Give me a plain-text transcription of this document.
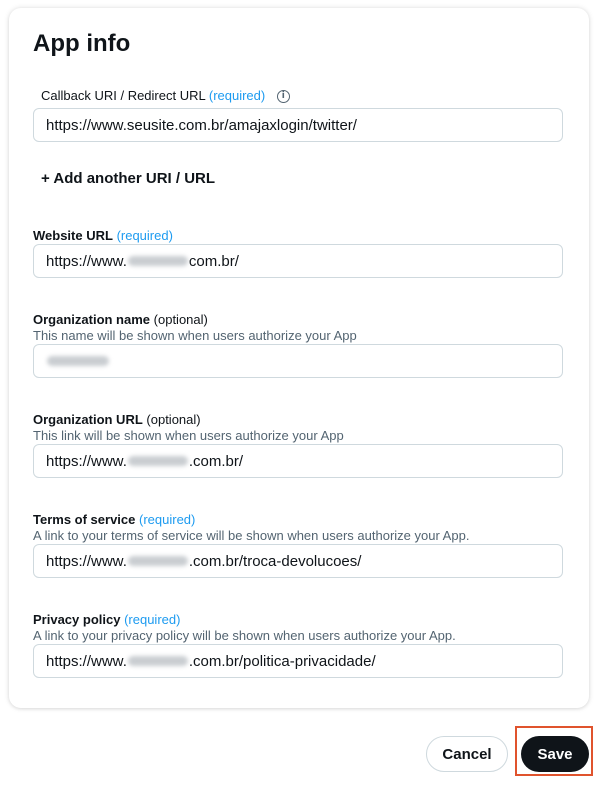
App info
Callback URI / Redirect URL (required) i
https://www.seusite.com.br/amajaxlogin/twitter/
+ Add another URI / URL
Website URL (required)
https://www.	com.br/
Organization name (optional)
This name will be shown when users authorize your App
Organization URL (optional)
This link will be shown when users authorize your App
https://www.	.com.br/
Terms of service (required)
A link to your terms of service will be shown when users authorize your App.
https://www.	.com.br/troca-devolucoes/
Privacy policy (required)
A link to your privacy policy will be shown when users authorize your App.
https://www.	.com.br/politica-privacidade/
Cancel	Save
